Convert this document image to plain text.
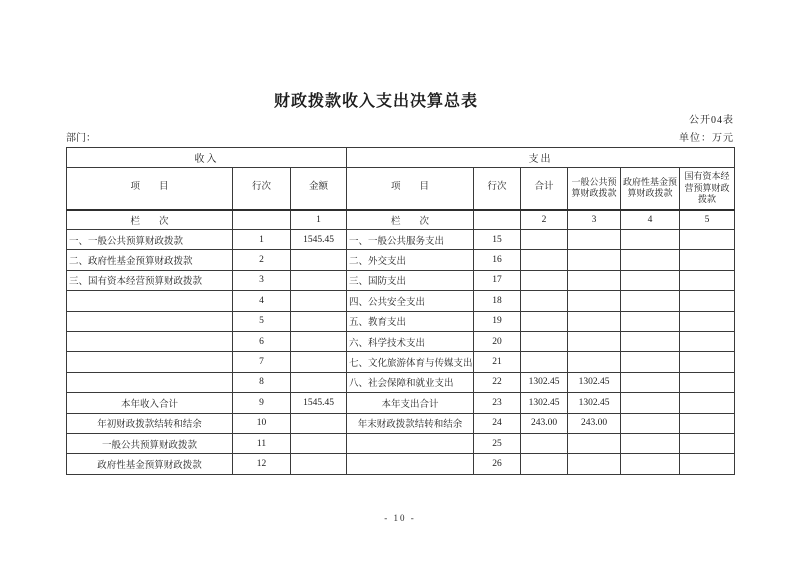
财政拨款收入支出决算总表
公开04表
部门：	单位：万元
收入			支出					
项　　目	行次	金额	项　　目	行次	合计	一般公共预算财政拨款	政府性基金预算财政拨款	国有资本经营预算财政拨款
栏　　次		1	栏　　次		2	3	4	5
一、一般公共预算财政拨款	1	1545.45	一、一般公共服务支出	15				
二、政府性基金预算财政拨款	2		二、外交支出	16				
三、国有资本经营预算财政拨款	3		三、国防支出	17				
	4		四、公共安全支出	18				
	5		五、教育支出	19				
	6		六、科学技术支出	20				
	7		七、文化旅游体育与传媒支出	21				
	8		八、社会保障和就业支出	22	1302.45	1302.45		
本年收入合计	9	1545.45	本年支出合计	23	1302.45	1302.45		
年初财政拨款结转和结余	10		年末财政拨款结转和结余	24	243.00	243.00		
一般公共预算财政拨款	11			25				
政府性基金预算财政拨款	12			26				
- 10 -
